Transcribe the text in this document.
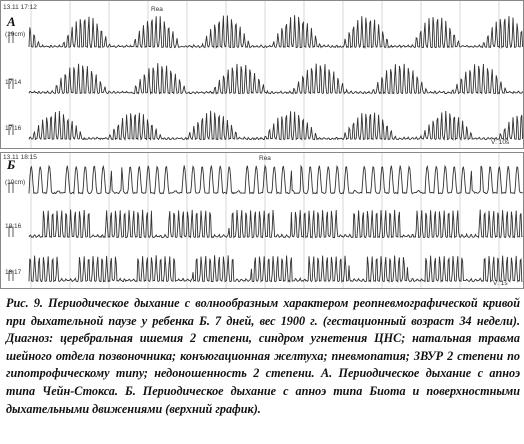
А
13.11 17:12
(10cm)
17:14
17:16
Rea
V: 10s
Б
13.11 18:15
(10cm)
18:16
18:17
Rea
V: 1s
Рис. 9. Периодическое дыхание с волнообразным характером реопневмографической кривой при дыхательной паузе у ребенка Б. 7 дней, вес 1900 г. (гестационный возраст 34 недели). Диагноз: церебральная ишемия 2 степени, синдром угнетения ЦНС; натальная травма шейного отдела позвоночника; конъюгационная желтуха; пневмопатия; ЗВУР 2 степени по гипотрофическому типу; недоношенность 2 степени. А. Периодическое дыхание с апноэ типа Чейн-Стокса. Б. Периодическое дыхание с апноэ типа Биота и поверхностными дыхательными движениями (верхний график).
